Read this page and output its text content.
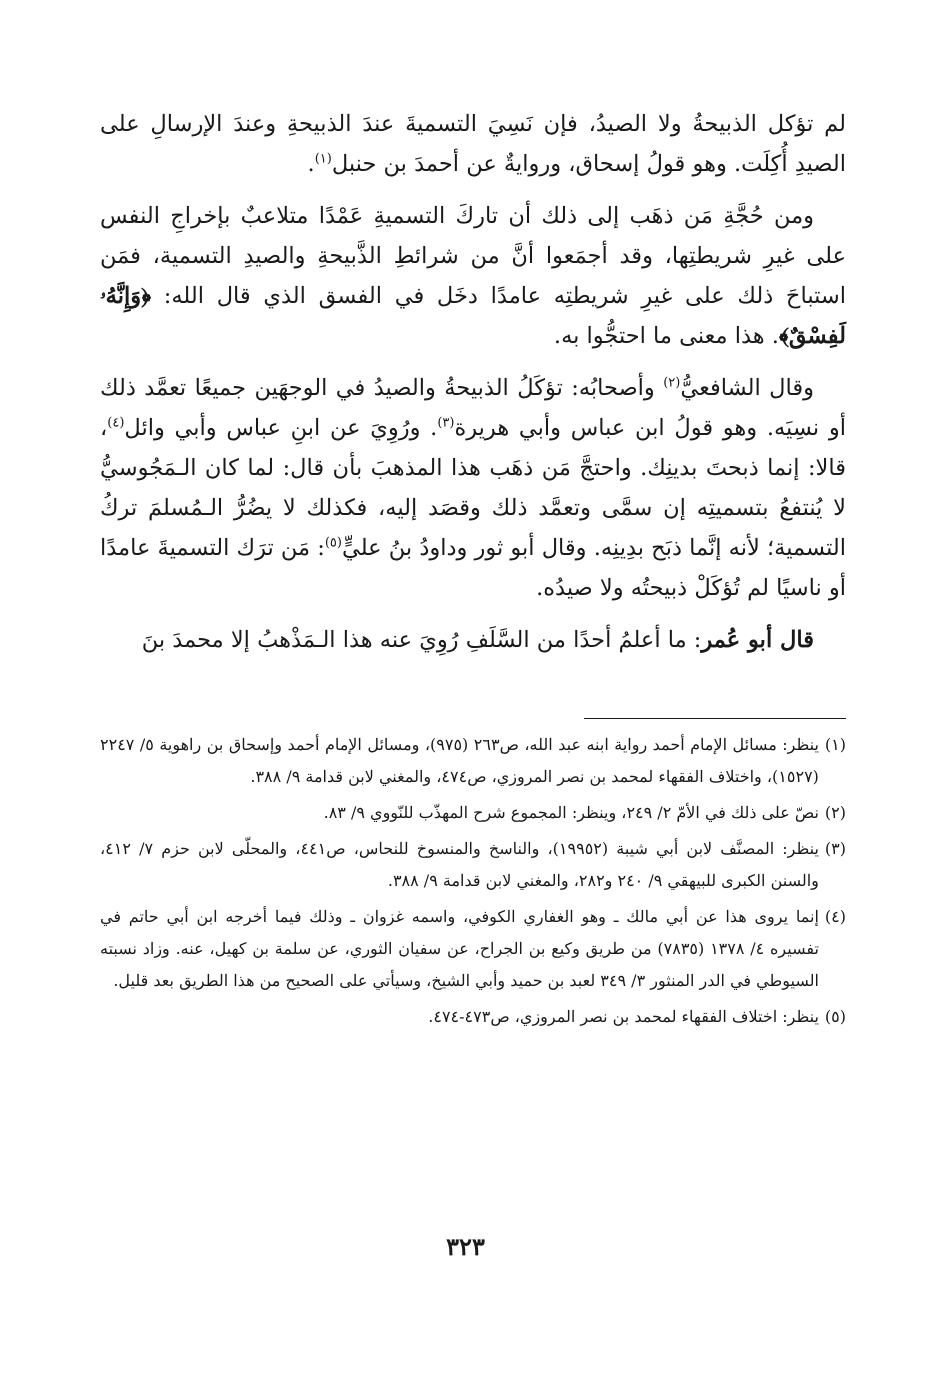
لم تؤكل الذبيحةُ ولا الصيدُ، فإن نَسِيَ التسميةَ عندَ الذبيحةِ وعندَ الإرسالِ على الصيدِ أُكِلَت. وهو قولُ إسحاق، وروايةٌ عن أحمدَ بن حنبل$^{(١)}$.

ومن حُجَّةِ مَن ذهَب إلى ذلك أن تاركَ التسميةِ عَمْدًا متلاعبٌ بإخراجِ النفس على غيرِ شريطتِها، وقد أجمَعوا أنَّ من شرائطِ الذَّبيحةِ والصيدِ التسمية، فمَن استباحَ ذلك على غيرِ شريطتِه عامدًا دخَل في الفسق الذي قال الله: ﴿وَإِنَّهُۥ لَفِسْقٌ﴾. هذا معنى ما احتجُّوا به.

وقال الشافعيُّ$^{(٢)}$ وأصحابُه: تؤكَلُ الذبيحةُ والصيدُ في الوجهَين جميعًا تعمَّد ذلك أو نسِيَه. وهو قولُ ابن عباس وأبي هريرة$^{(٣)}$. ورُوِيَ عن ابنِ عباس وأبي وائل$^{(٤)}$، قالا: إنما ذبحتَ بدينِك. واحتجَّ مَن ذهَب هذا المذهبَ بأن قال: لما كان الـمَجُوسيُّ لا يُنتفعُ بتسميتِه إن سمَّى وتعمَّد ذلك وقصَد إليه، فكذلك لا يضُرُّ الـمُسلمَ تركُ التسمية؛ لأنه إنَّما ذبَح بدِينِه. وقال أبو ثور وداودُ بنُ عليٍّ$^{(٥)}$: مَن ترَك التسميةَ عامدًا أو ناسيًا لم تُؤكَلْ ذبيحتُه ولا صيدُه.

قال أبو عُمر: ما أعلمُ أحدًا من السَّلَفِ رُوِيَ عنه هذا الـمَذْهبُ إلا محمدَ بنَ

(١)
ينظر: مسائل الإمام أحمد رواية ابنه عبد الله، ص٢٦٣ (٩٧٥)، ومسائل الإمام أحمد وإسحاق بن راهوية ٥/ ٢٢٤٧ (١٥٢٧)، واختلاف الفقهاء لمحمد بن نصر المروزي، ص٤٧٤، والمغني لابن قدامة ٩/ ٣٨٨.
(٢)
نصّ على ذلك في الأمّ ٢/ ٢٤٩، وينظر: المجموع شرح المهذّب للنّووي ٩/ ٨٣.
(٣)
ينظر: المصنَّف لابن أبي شيبة (١٩٩٥٢)، والناسخ والمنسوخ للنحاس، ص٤٤١، والمحلّى لابن حزم ٧/ ٤١٢، والسنن الكبرى للبيهقي ٩/ ٢٤٠ و٢٨٢، والمغني لابن قدامة ٩/ ٣٨٨.
(٤)
إنما يروى هذا عن أبي مالك ـ وهو الغفاري الكوفي، واسمه غزوان ـ وذلك فيما أخرجه ابن أبي حاتم في تفسيره ٤/ ١٣٧٨ (٧٨٣٥) من طريق وكيع بن الجراح، عن سفيان الثوري، عن سلمة بن كهيل، عنه. وزاد نسبته السيوطي في الدر المنثور ٣/ ٣٤٩ لعبد بن حميد وأبي الشيخ، وسيأتي على الصحيح من هذا الطريق بعد قليل.
(٥)
ينظر: اختلاف الفقهاء لمحمد بن نصر المروزي، ص٤٧٣-٤٧٤.
٣٢٣
